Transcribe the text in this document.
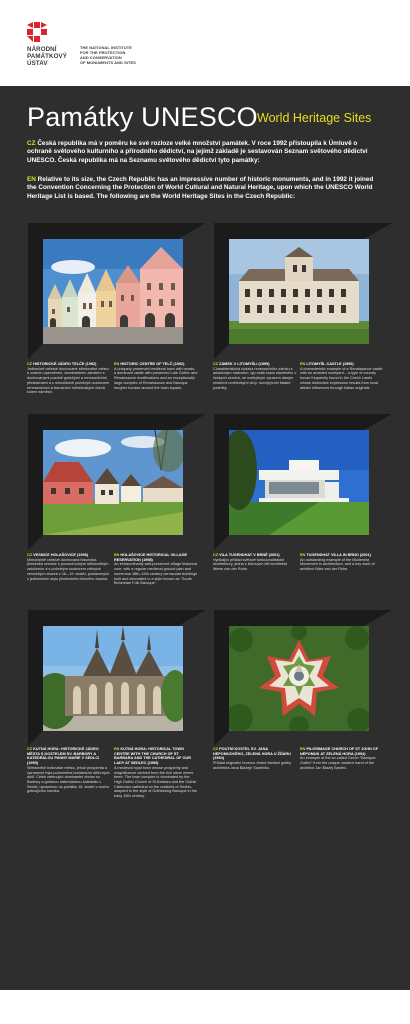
NÁRODNÍ
PAMÁTKOVÝ
ÚSTAV
THE NATIONAL INSTITUTE
FOR THE PROTECTION
AND CONSERVATION
OF MONUMENTS AND SITES
Památky UNESCO World Heritage Sites

CZ Česká republika má v poměru ke své rozloze velké množství památek. V roce 1992 přistoupila k Úmluvě o ochraně světového kulturního a přírodního dědictví, na jejímž základě je sestavován Seznam světového dědictví UNESCO. Česká republika má na Seznamu světového dědictví tyto památky:

EN Relative to its size, the Czech Republic has an impressive number of historic monuments, and in 1992 it joined the Convention Concerning the Protection of World Cultural and Natural Heritage, upon which the UNESCO World Heritage List is based. The following are the World Heritage Sites in the Czech Republic:

CZ HISTORICKÉ JÁDRO TELČE (1992)
Jedinečně celistvé dochované středověké město s vodním opevněním, dominantním zámkem s dochovanými pozdně gotickými a renesančními přestavbami a s mimořádně početným souborem renesančních a barokních měšťanských domů kolem náměstí.
EN HISTORIC CENTRE OF TELČ (1992)
A uniquely preserved medieval town with moats, a dominant castle with preserved Late Gothic and Renaissance modifications and an exceptionally large complex of Renaissance and Baroque burgher houses around the town square.
CZ ZÁMEK V LITOMYŠLI (1999)
Charakteristická ukázka renesančního zámku s arkádovým nádvořím, typ sídla často stavěného v českých zemích, se svébytným výrazem daným místními uměleckými vlivy, rozvíjejícími italské podněty.
EN LITOMYŠL CASTLE (1999)
A characteristic example of a Renaissance castle with an arcaded courtyard – a type of country house frequently found in the Czech Lands whose distinctive expression results from local artistic influences through Italian originals.
CZ VESNICE HOLAŠOVICE (1998)
Mimořádně celistvě dochovaná historická jihočeská vesnice s pozoruhodným středověkým založením a s početným souborem zděných vesnických staveb z 18.–19. století, postavených v jedinečném stylu jihočeského lidového baroka.
EN HOLAŠOVICE HISTORICAL VILLAGE RESERVATION (1998)
An extraordinarily well-preserved village historical core, with a regular medieval ground plan and numerous 18th–19th century vernacular buildings built and decorated in a style known as "South Bohemian Folk Baroque".
CZ VILA TUGENDHAT V BRNĚ (2001)
Vynikající příklad světové funkcionalistické architektury, jedna z klíčových děl architekta Miese van der Rohe.
EN TUGENDHAT VILLA IN BRNO (2001)
An outstanding example of the Modernist Movement in architecture, and a key work of architect Mies van der Rohe.
CZ KUTNÁ HORA: HISTORICKÉ JÁDRO MĚSTA S KOSTELEM SV. BARBORY A KATEDRÁLOU PANNY MARIE V SEDLCI (1995)
Středověké královské město, jehož prosperita a významné byla podmíněna bohatstvím stříbrných dolů. Celek zahrnující dominantní chrám sv. Barbory a gotickou cisterciáckou katedrálu v Sedlci, upravenou na počátku 18. století v duchu gotizujícího baroka.
EN KUTNÁ HORA: HISTORICAL TOWN CENTRE WITH THE CHURCH OF ST BARBARA AND THE CATHEDRAL OF OUR LADY AT SEDLEC (1995)
A medieval royal town whose prosperity and magnificence derived from the rich silver mines there. The town complex is dominated by the High Gothic Church of St Barbara and the Gothic Cistercian cathedral on the outskirts of Sedlec, adapted to the style of Gothicising Baroque in the early 18th century.
CZ POUTNÍ KOSTEL SV. JANA NEPOMUCKÉHO, ZELENÁ HORA U ŽĎÁRU (1994)
Příklad originální invence české barokní gotiky architekta Jana Blažeje Santiniho.
EN PILGRIMAGE CHURCH OF ST JOHN OF NEPOMUK AT ZELENÁ HORA (1994)
An example of the so-called Czech "Baroque-Gothic" from the unique creative hand of the architect Jan Blažej Santini.
